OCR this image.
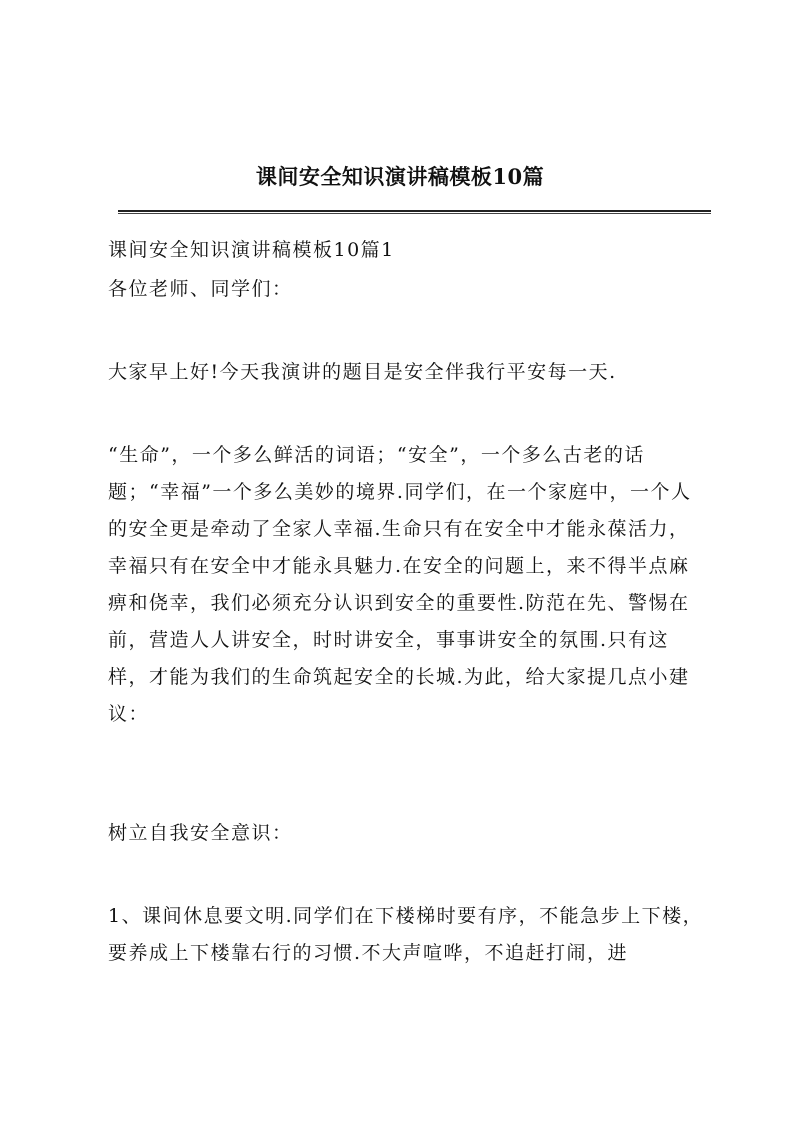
课间安全知识演讲稿模板10篇

课间安全知识演讲稿模板10篇1

各位老师、同学们：

大家早上好!今天我演讲的题目是安全伴我行平安每一天.

“生命”，一个多么鲜活的词语；“安全”，一个多么古老的话题；“幸福”一个多么美妙的境界.同学们，在一个家庭中，一个人的安全更是牵动了全家人幸福.生命只有在安全中才能永葆活力，幸福只有在安全中才能永具魅力.在安全的问题上，来不得半点麻痹和侥幸，我们必须充分认识到安全的重要性.防范在先、警惕在前，营造人人讲安全，时时讲安全，事事讲安全的氛围.只有这样，才能为我们的生命筑起安全的长城.为此，给大家提几点小建议：

树立自我安全意识：

1、课间休息要文明.同学们在下楼梯时要有序，不能急步上下楼，要养成上下楼靠右行的习惯.不大声喧哗，不追赶打闹，进
